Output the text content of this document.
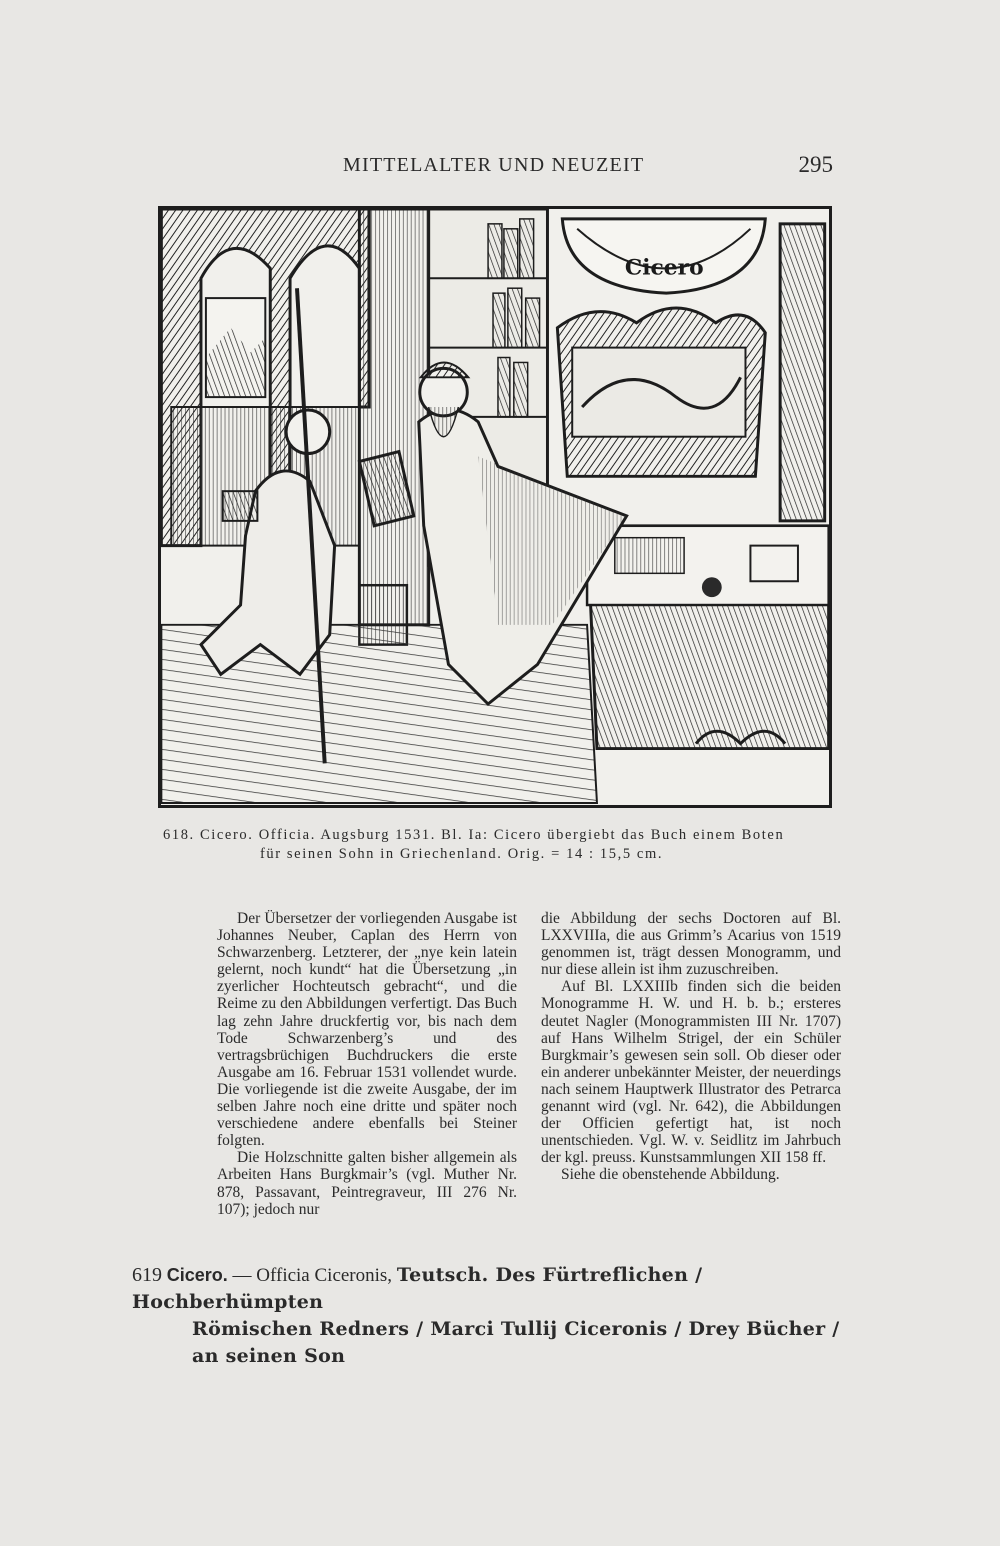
MITTELALTER UND NEUZEIT	295
Cicero
618. Cicero. Officia. Augsburg 1531. Bl. Ia: Cicero übergiebt das Buch einem Boten
für seinen Sohn in Griechenland. Orig. = 14 : 15,5 cm.

Der Übersetzer der vorliegenden Ausgabe ist Johannes Neuber, Caplan des Herrn von Schwarzenberg. Letzterer, der „nye kein latein gelernt, noch kundt“ hat die Übersetzung „in zyerlicher Hochteutsch gebracht“, und die Reime zu den Abbildungen verfertigt. Das Buch lag zehn Jahre druckfertig vor, bis nach dem Tode Schwarzenberg’s und des vertragsbrüchigen Buchdruckers die erste Ausgabe am 16. Februar 1531 vollendet wurde. Die vorliegende ist die zweite Ausgabe, der im selben Jahre noch eine dritte und später noch verschiedene andere ebenfalls bei Steiner folgten.

Die Holzschnitte galten bisher allgemein als Arbeiten Hans Burgkmair’s (vgl. Muther Nr. 878, Passavant, Peintregraveur, III 276 Nr. 107); jedoch nur

die Abbildung der sechs Doctoren auf Bl. LXXVIIIa, die aus Grimm’s Acarius von 1519 genommen ist, trägt dessen Monogramm, und nur diese allein ist ihm zuzuschreiben.

Auf Bl. LXXIIIb finden sich die beiden Monogramme H. W. und H. b. b.; ersteres deutet Nagler (Monogrammisten III Nr. 1707) auf Hans Wilhelm Strigel, der ein Schüler Burgkmair’s gewesen sein soll. Ob dieser oder ein anderer unbekännter Meister, der neuerdings nach seinem Hauptwerk Illustrator des Petrarca genannt wird (vgl. Nr. 642), die Abbildungen der Officien gefertigt hat, ist noch unentschieden. Vgl. W. v. Seidlitz im Jahrbuch der kgl. preuss. Kunstsammlungen XII 158 ff.

Siehe die obenstehende Abbildung.

619 Cicero. — Officia Ciceronis, Teutsch. Des Fürtreflichen / Hochberhümpten
Römischen Redners / Marci Tullij Ciceronis / Drey Bücher / an seinen Son
